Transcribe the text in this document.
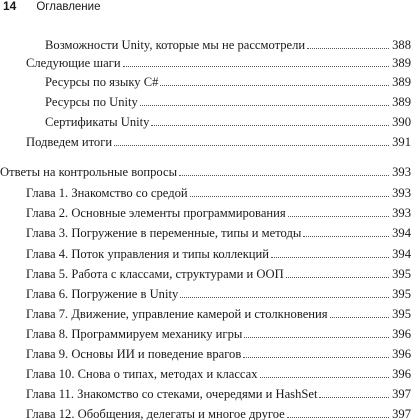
14 Оглавление
Возможности Unity, которые мы не рассмотрели	388
Следующие шаги	389
Ресурсы по языку C#	389
Ресурсы по Unity	389
Сертификаты Unity	390
Подведем итоги	391
Ответы на контрольные вопросы	393
Глава 1. Знакомство со средой	393
Глава 2. Основные элементы программирования	393
Глава 3. Погружение в переменные, типы и методы	394
Глава 4. Поток управления и типы коллекций	394
Глава 5. Работа с классами, структурами и ООП	395
Глава 6. Погружение в Unity	395
Глава 7. Движение, управление камерой и столкновения	395
Глава 8. Программируем механику игры	396
Глава 9. Основы ИИ и поведение врагов	396
Глава 10. Снова о типах, методах и классах	396
Глава 11. Знакомство со стеками, очередями и HashSet	397
Глава 12. Обобщения, делегаты и многое другое	397
